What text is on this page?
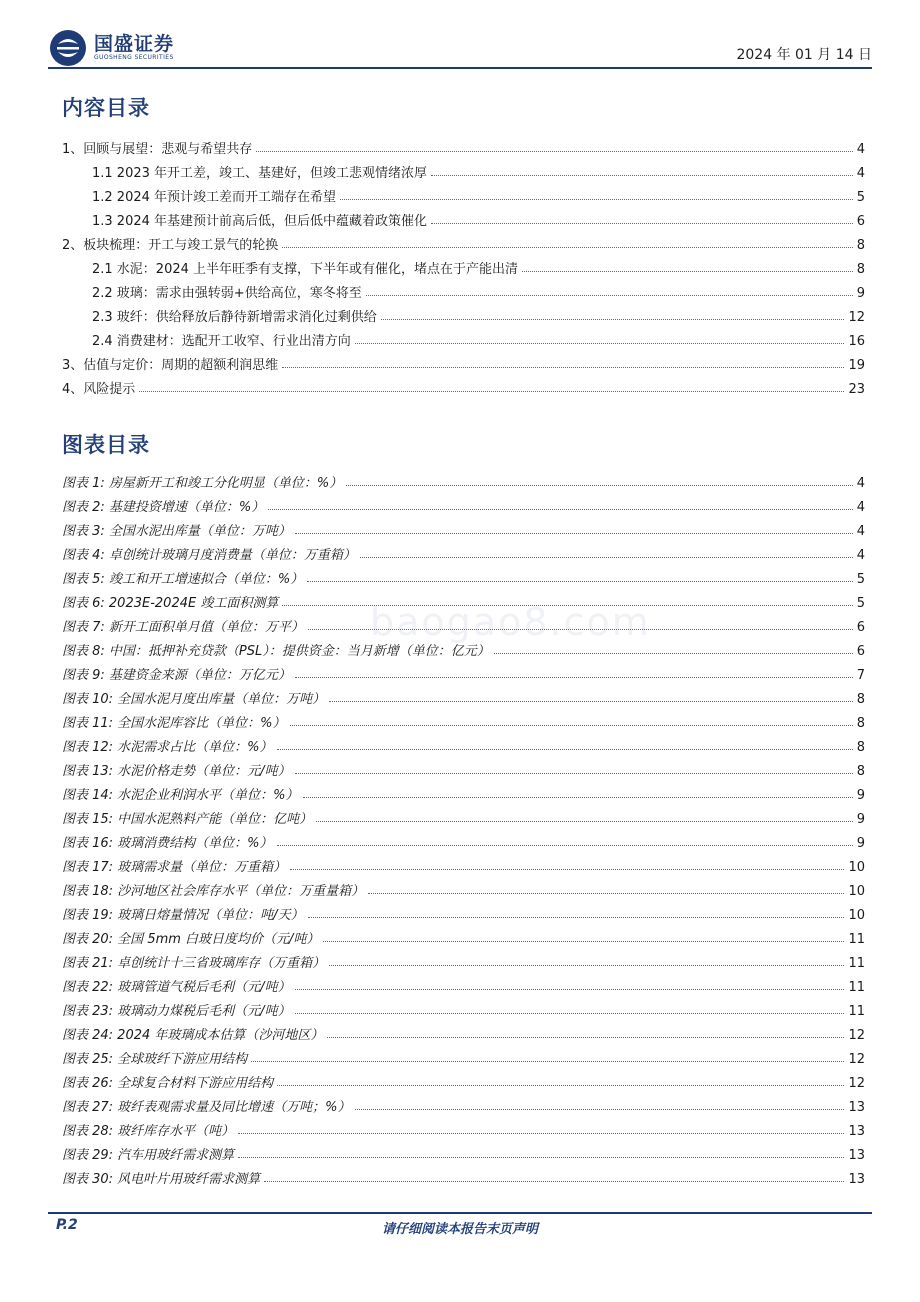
国盛证券
GUOSHENG SECURITIES	2024 年 01 月 14 日
baogao8.com
内容目录
1、回顾与展望：悲观与希望共存	4
1.1 2023 年开工差，竣工、基建好，但竣工悲观情绪浓厚	4
1.2 2024 年预计竣工差而开工端存在希望	5
1.3 2024 年基建预计前高后低，但后低中蕴藏着政策催化	6
2、板块梳理：开工与竣工景气的轮换	8
2.1 水泥：2024 上半年旺季有支撑，下半年或有催化，堵点在于产能出清	8
2.2 玻璃：需求由强转弱+供给高位，寒冬将至	9
2.3 玻纤：供给释放后静待新增需求消化过剩供给	12
2.4 消费建材：选配开工收窄、行业出清方向	16
3、估值与定价：周期的超额利润思维	19
4、风险提示	23
图表目录
图表 1: 房屋新开工和竣工分化明显（单位：%）	4
图表 2: 基建投资增速（单位：%）	4
图表 3: 全国水泥出库量（单位：万吨）	4
图表 4: 卓创统计玻璃月度消费量（单位：万重箱）	4
图表 5: 竣工和开工增速拟合（单位：%）	5
图表 6: 2023E-2024E 竣工面积测算	5
图表 7: 新开工面积单月值（单位：万平）	6
图表 8: 中国：抵押补充贷款（PSL）：提供资金：当月新增（单位：亿元）	6
图表 9: 基建资金来源（单位：万亿元）	7
图表 10: 全国水泥月度出库量（单位：万吨）	8
图表 11: 全国水泥库容比（单位：%）	8
图表 12: 水泥需求占比（单位：%）	8
图表 13: 水泥价格走势（单位：元/吨）	8
图表 14: 水泥企业利润水平（单位：%）	9
图表 15: 中国水泥熟料产能（单位：亿吨）	9
图表 16: 玻璃消费结构（单位：%）	9
图表 17: 玻璃需求量（单位：万重箱）	10
图表 18: 沙河地区社会库存水平（单位：万重量箱）	10
图表 19: 玻璃日熔量情况（单位：吨/天）	10
图表 20: 全国 5mm 白玻日度均价（元/吨）	11
图表 21: 卓创统计十三省玻璃库存（万重箱）	11
图表 22: 玻璃管道气税后毛利（元/吨）	11
图表 23: 玻璃动力煤税后毛利（元/吨）	11
图表 24: 2024 年玻璃成本估算（沙河地区）	12
图表 25: 全球玻纤下游应用结构	12
图表 26: 全球复合材料下游应用结构	12
图表 27: 玻纤表观需求量及同比增速（万吨；%）	13
图表 28: 玻纤库存水平（吨）	13
图表 29: 汽车用玻纤需求测算	13
图表 30: 风电叶片用玻纤需求测算	13
P.2	请仔细阅读本报告末页声明
